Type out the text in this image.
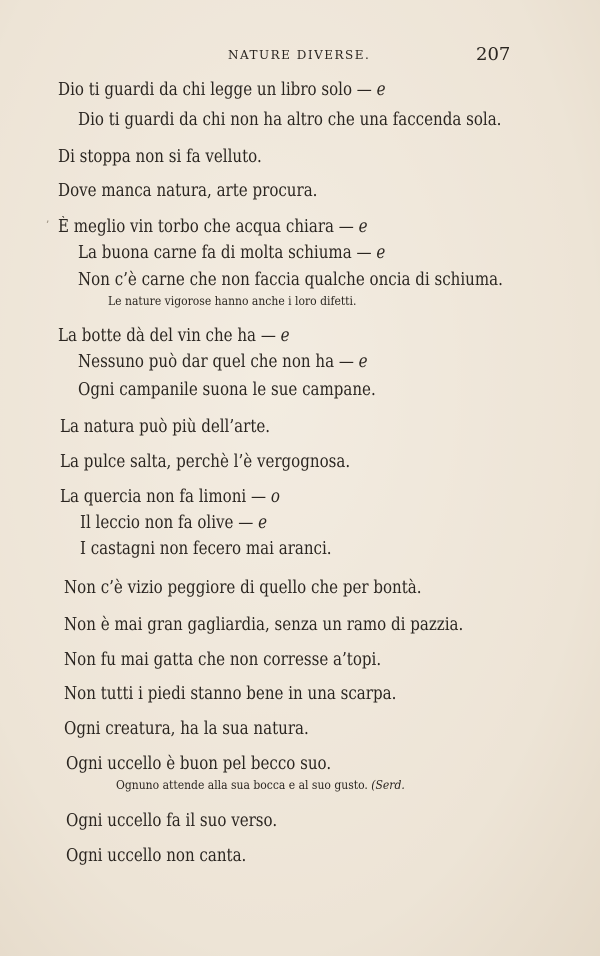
NATURE DIVERSE.	207
Dio ti guardi da chi legge un libro solo — e
Dio ti guardi da chi non ha altro che una faccenda sola.
Di stoppa non si fa velluto.
Dove manca natura, arte procura.
’ È meglio vin torbo che acqua chiara — e
La buona carne fa di molta schiuma — e
Non c’è carne che non faccia qualche oncia di schiuma.
Le nature vigorose hanno anche i loro difetti.
La botte dà del vin che ha — e
Nessuno può dar quel che non ha — e
Ogni campanile suona le sue campane.
La natura può più dell’arte.
La pulce salta, perchè l’è vergognosa.
La quercia non fa limoni — o
Il leccio non fa olive — e
I castagni non fecero mai aranci.
Non c’è vizio peggiore di quello che per bontà.
Non è mai gran gagliardia, senza un ramo di pazzia.
Non fu mai gatta che non corresse a’topi.
Non tutti i piedi stanno bene in una scarpa.
Ogni creatura, ha la sua natura.
Ogni uccello è buon pel becco suo.
Ognuno attende alla sua bocca e al suo gusto. (Serd.
Ogni uccello fa il suo verso.
Ogni uccello non canta.
